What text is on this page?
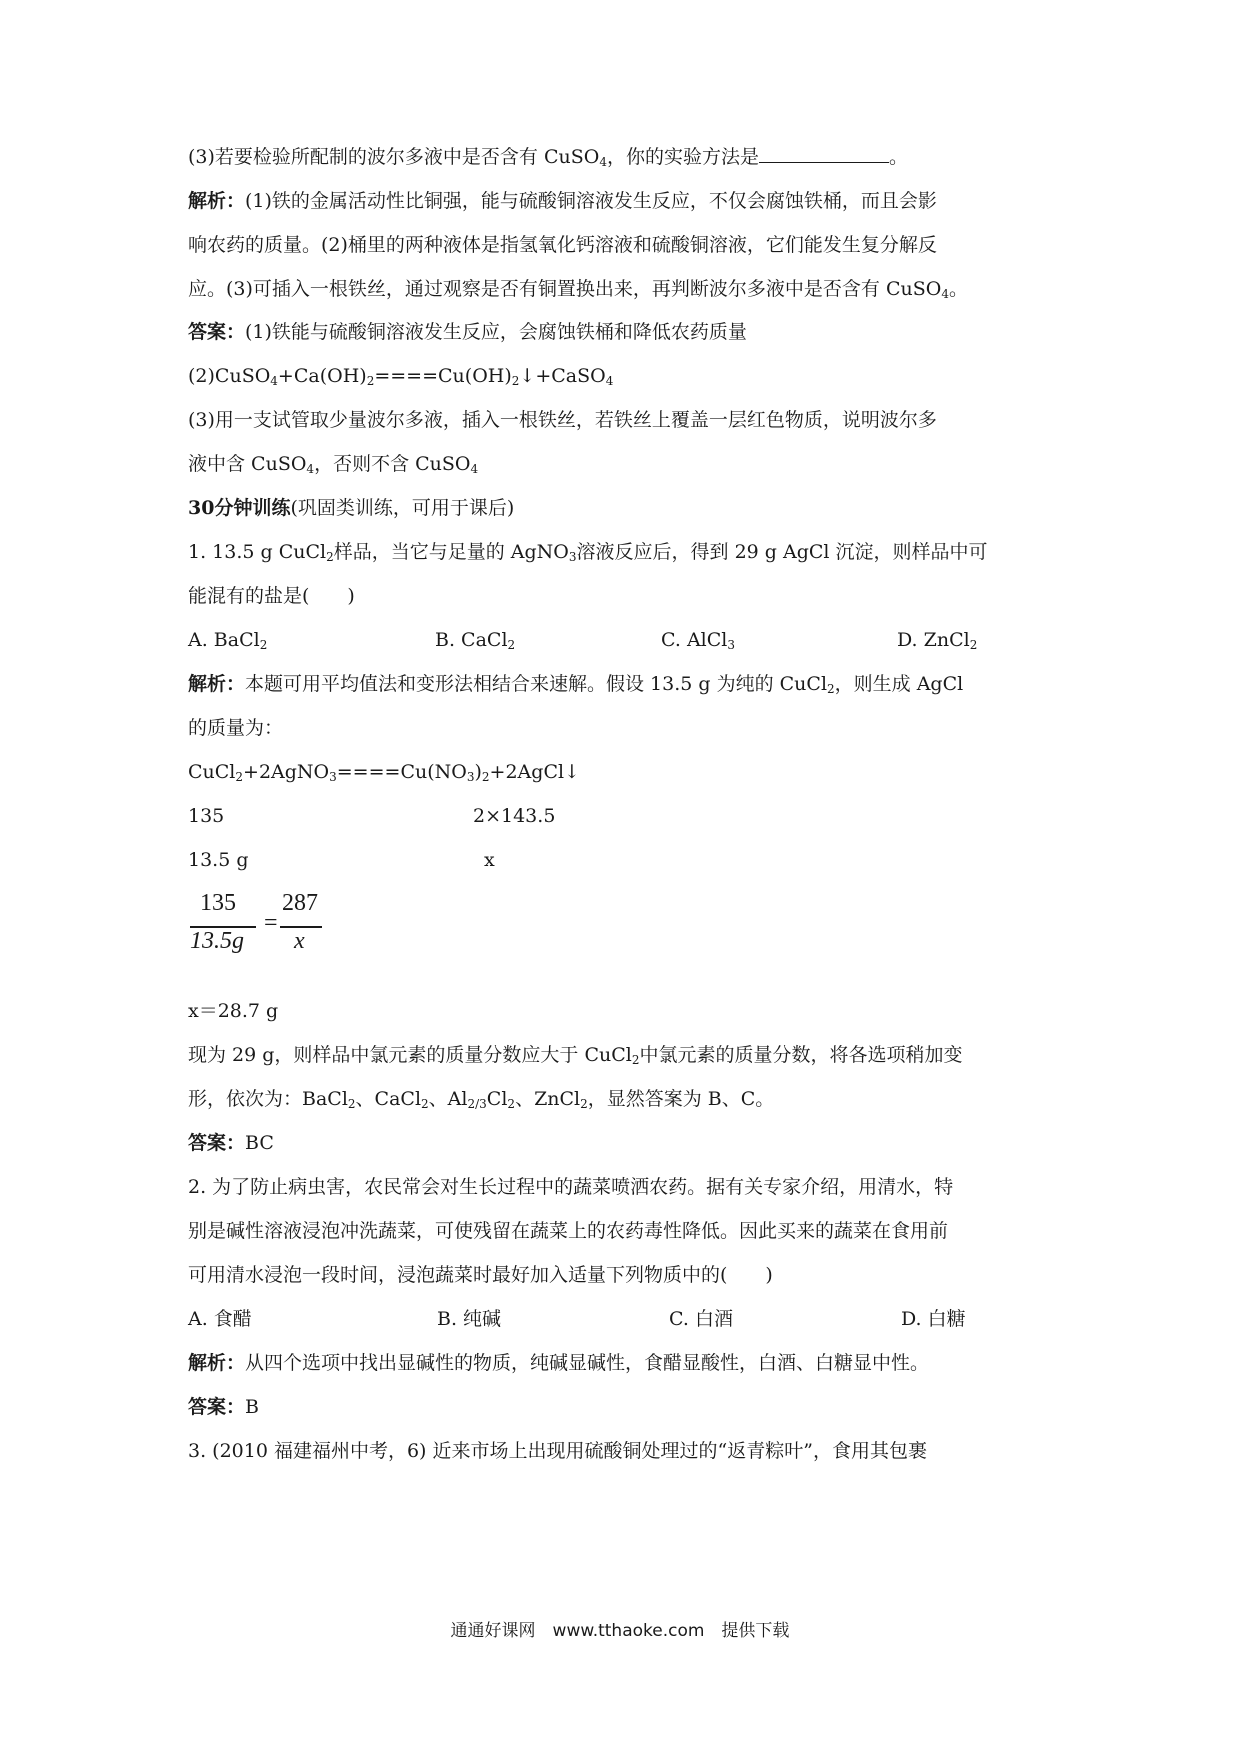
(3)若要检验所配制的波尔多液中是否含有 CuSO$_4$，你的实验方法是	。
解析：(1)铁的金属活动性比铜强，能与硫酸铜溶液发生反应，不仅会腐蚀铁桶，而且会影
响农药的质量。(2)桶里的两种液体是指氢氧化钙溶液和硫酸铜溶液，它们能发生复分解反
应。(3)可插入一根铁丝，通过观察是否有铜置换出来，再判断波尔多液中是否含有 CuSO$_4$。
答案：(1)铁能与硫酸铜溶液发生反应，会腐蚀铁桶和降低农药质量
$(2)CuSO_4+Ca(OH)_2====Cu(OH)_2↓+CaSO_4$
(3)用一支试管取少量波尔多液，插入一根铁丝，若铁丝上覆盖一层红色物质，说明波尔多
液中含 CuSO$_4$，否则不含 CuSO$_4$
30分钟训练(巩固类训练，可用于课后)
1. 13.5 g CuCl$_2$样品，当它与足量的 AgNO$_3$溶液反应后，得到 29 g AgCl 沉淀，则样品中可
能混有的盐是(　　)
A. BaCl$_2$	B. CaCl$_2$	C. AlCl$_3$	D. ZnCl$_2$
解析：本题可用平均值法和变形法相结合来速解。假设 13.5 g 为纯的 CuCl$_2$，则生成 AgCl
的质量为：
$CuCl_2+2AgNO_3====Cu(NO_3)_2+2AgCl↓$
135	2×143.5
13.5 g	x
135
13.5g
=
287
x
x＝28.7 g
现为 29 g，则样品中氯元素的质量分数应大于 CuCl$_2$中氯元素的质量分数，将各选项稍加变
形，依次为：BaCl$_2$、CaCl$_2$、$Al_{2/3}Cl_2$、ZnCl$_2$，显然答案为 B、C。
答案：BC
2. 为了防止病虫害，农民常会对生长过程中的蔬菜喷洒农药。据有关专家介绍，用清水，特
别是碱性溶液浸泡冲洗蔬菜，可使残留在蔬菜上的农药毒性降低。因此买来的蔬菜在食用前
可用清水浸泡一段时间，浸泡蔬菜时最好加入适量下列物质中的(　　)
A. 食醋	B. 纯碱	C. 白酒	D. 白糖
解析：从四个选项中找出显碱性的物质，纯碱显碱性，食醋显酸性，白酒、白糖显中性。
答案：B
3. (2010 福建福州中考，6) 近来市场上出现用硫酸铜处理过的“返青粽叶”，食用其包裹
通通好课网　www.tthaoke.com　提供下载
